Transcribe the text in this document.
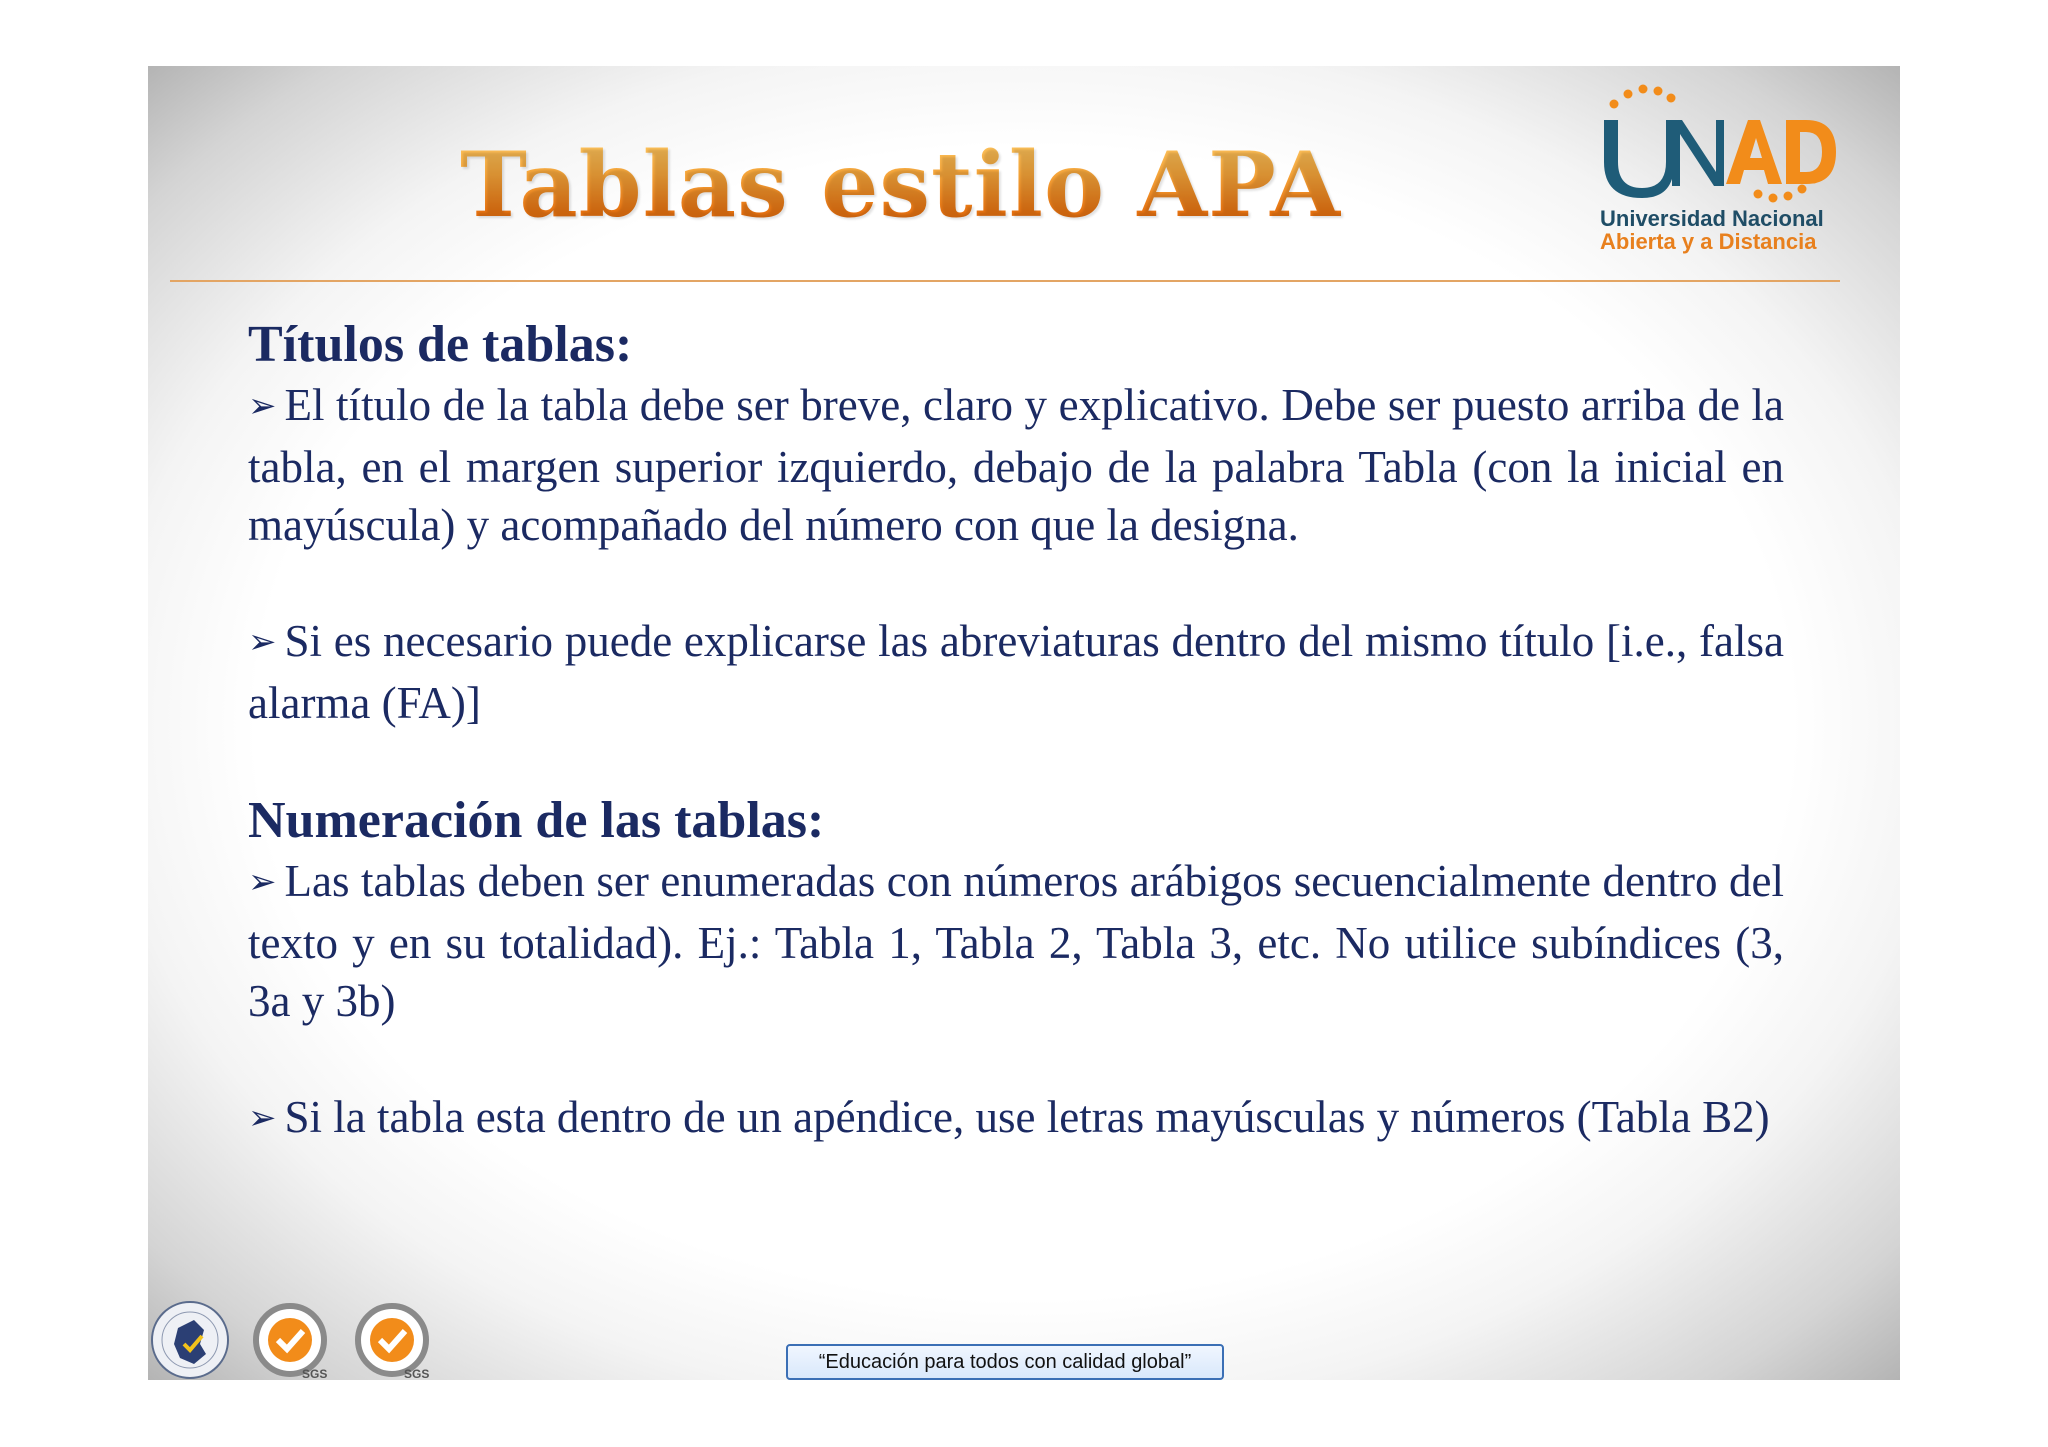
Tablas estilo APA	Universidad Nacional
Abierta y a Distancia

Títulos de tablas:

➢ El título de la tabla debe ser breve, claro y explicativo. Debe ser puesto arriba de la tabla, en el margen superior izquierdo, debajo de la palabra Tabla (con la inicial en mayúscula) y acompañado del número con que la designa.

➢ Si es necesario puede explicarse las abreviaturas dentro del mismo título [i.e., falsa alarma (FA)]

Numeración de las tablas:

➢ Las tablas deben ser enumeradas con números arábigos secuencialmente dentro del texto y en su totalidad). Ej.: Tabla 1, Tabla 2, Tabla 3, etc. No utilice subíndices (3, 3a y 3b)

➢ Si la tabla esta dentro de un apéndice, use letras mayúsculas y números (Tabla B2)

SGS	SGS
“Educación para todos con calidad global”
